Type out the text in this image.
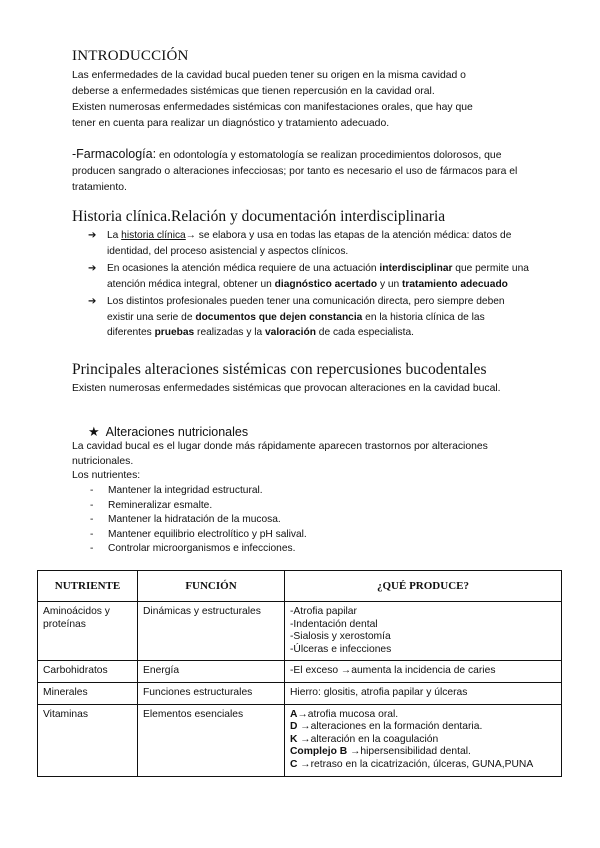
INTRODUCCIÓN
Las enfermedades de la cavidad bucal pueden tener su origen en la misma cavidad o
deberse a enfermedades sistémicas que tienen repercusión en la cavidad oral.
Existen numerosas enfermedades sistémicas con manifestaciones orales, que hay que
tener en cuenta para realizar un diagnóstico y tratamiento adecuado.

-Farmacología: en odontología y estomatología se realizan procedimientos dolorosos, que producen sangrado o alteraciones infecciosas; por tanto es necesario el uso de fármacos para el tratamiento.

Historia clínica.Relación y documentación interdisciplinaria
➔ La historia clínica→ se elabora y usa en todas las etapas de la atención médica: datos de identidad, del proceso asistencial y aspectos clínicos.
➔ En ocasiones la atención médica requiere de una actuación interdisciplinar que permite una atención médica integral, obtener un diagnóstico acertado y un tratamiento adecuado
➔ Los distintos profesionales pueden tener una comunicación directa, pero siempre deben existir una serie de documentos que dejen constancia en la historia clínica de las diferentes pruebas realizadas y la valoración de cada especialista.
Principales alteraciones sistémicas con repercusiones bucodentales

Existen numerosas enfermedades sistémicas que provocan alteraciones en la cavidad bucal.

★ Alteraciones nutricionales

La cavidad bucal es el lugar donde más rápidamente aparecen trastornos por alteraciones nutricionales.

Los nutrientes:

- Mantener la integridad estructural.
- Remineralizar esmalte.
- Mantener la hidratación de la mucosa.
- Mantener equilibrio electrolítico y pH salival.
- Controlar microorganismos e infecciones.
NUTRIENTE	FUNCIÓN	¿QUÉ PRODUCE?
Aminoácidos y proteínas	Dinámicas y estructurales	-Atrofia papilar
-Indentación dental
-Sialosis y xerostomía
-Úlceras e infecciones

Carbohidratos	Energía	-El exceso →aumenta la incidencia de caries
Minerales	Funciones estructurales	Hierro: glositis, atrofia papilar y úlceras
Vitaminas	Elementos esenciales	A→atrofia mucosa oral.
D →alteraciones en la formación dentaria.
K →alteración en la coagulación
Complejo B →hipersensibilidad dental.
C →retraso en la cicatrización, úlceras, GUNA,PUNA
